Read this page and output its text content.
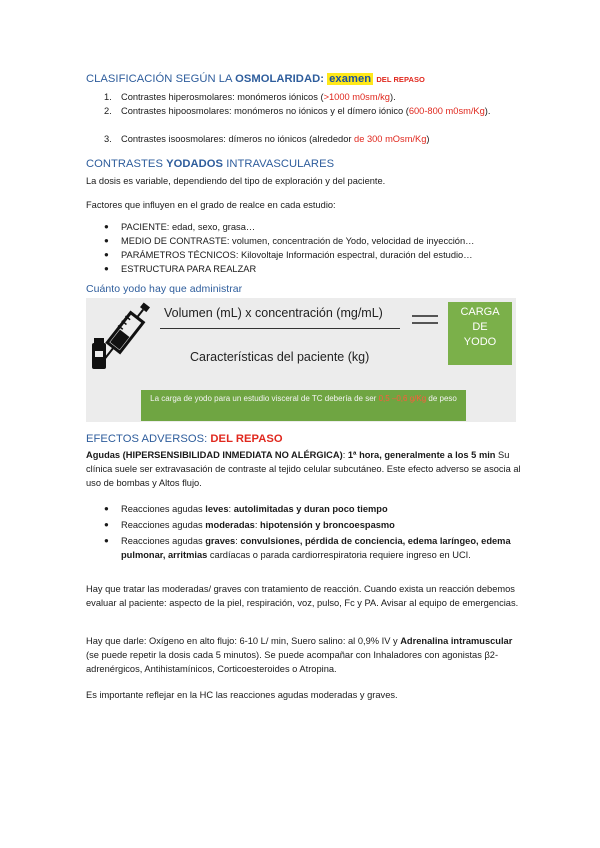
CLASIFICACIÓN SEGÚN LA OSMOLARIDAD: examen DEL REPASO
1. Contrastes hiperosmolares: monómeros iónicos (>1000 m0sm/kg).
2. Contrastes hipoosmolares: monómeros no iónicos y el dímero iónico (600-800 m0sm/Kg).
3. Contrastes isoosmolares: dímeros no iónicos (alrededor de 300 mOsm/Kg)
CONTRASTES YODADOS INTRAVASCULARES
La dosis es variable, dependiendo del tipo de exploración y del paciente.
Factores que influyen en el grado de realce en cada estudio:
● PACIENTE: edad, sexo, grasa…
● MEDIO DE CONTRASTE: volumen, concentración de Yodo, velocidad de inyección…
● PARÁMETROS TÉCNICOS: Kilovoltaje Información espectral, duración del estudio…
● ESTRUCTURA PARA REALZAR
Cuánto yodo hay que administrar
Volumen (mL) x concentración (mg/mL)
Características del paciente (kg)
CARGA
DE
YODO
La carga de yodo para un estudio visceral de TC debería de ser 0,5 –0,6 g/Kg de peso
EFECTOS ADVERSOS: DEL REPASO
Agudas (HIPERSENSIBILIDAD INMEDIATA NO ALÉRGICA): 1ª hora, generalmente a los 5 min Su clínica suele ser extravasación de contraste al tejido celular subcutáneo. Este efecto adverso se asocia al uso de bombas y Altos flujo.
● Reacciones agudas leves: autolimitadas y duran poco tiempo
● Reacciones agudas moderadas: hipotensión y broncoespasmo
● Reacciones agudas graves: convulsiones, pérdida de conciencia, edema laríngeo, edema pulmonar, arritmias cardíacas o parada cardiorrespiratoria requiere ingreso en UCI.
Hay que tratar las moderadas/ graves con tratamiento de reacción. Cuando exista un reacción debemos evaluar al paciente: aspecto de la piel, respiración, voz, pulso, Fc y PA. Avisar al equipo de emergencias.
Hay que darle: Oxígeno en alto flujo: 6-10 L/ min, Suero salino: al 0,9% IV y Adrenalina intramuscular (se puede repetir la dosis cada 5 minutos). Se puede acompañar con Inhaladores con agonistas β2-adrenérgicos, Antihistamínicos, Corticoesteroides o Atropina.
Es importante reflejar en la HC las reacciones agudas moderadas y graves.
